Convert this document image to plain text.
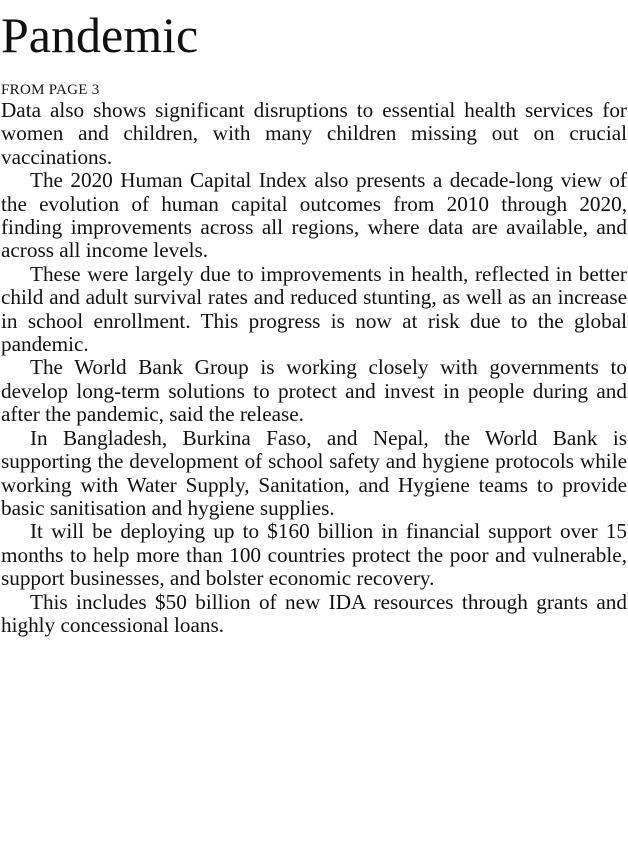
Pandemic
FROM PAGE 3

Data also shows significant disruptions to essential health services for women and children, with many children missing out on crucial vaccinations.

The 2020 Human Capital Index also presents a decade-long view of the evolution of human capital outcomes from 2010 through 2020, finding improvements across all regions, where data are available, and across all income levels.

These were largely due to improvements in health, reflected in better child and adult survival rates and reduced stunting, as well as an increase in school enrollment. This progress is now at risk due to the global pandemic.

The World Bank Group is working closely with governments to develop long-term solutions to protect and invest in people during and after the pandemic, said the release.

In Bangladesh, Burkina Faso, and Nepal, the World Bank is supporting the development of school safety and hygiene protocols while working with Water Supply, Sanitation, and Hygiene teams to provide basic sanitisation and hygiene supplies.

It will be deploying up to $160 billion in financial support over 15 months to help more than 100 countries protect the poor and vulnerable, support businesses, and bolster economic recovery.

This includes $50 billion of new IDA resources through grants and highly concessional loans.
